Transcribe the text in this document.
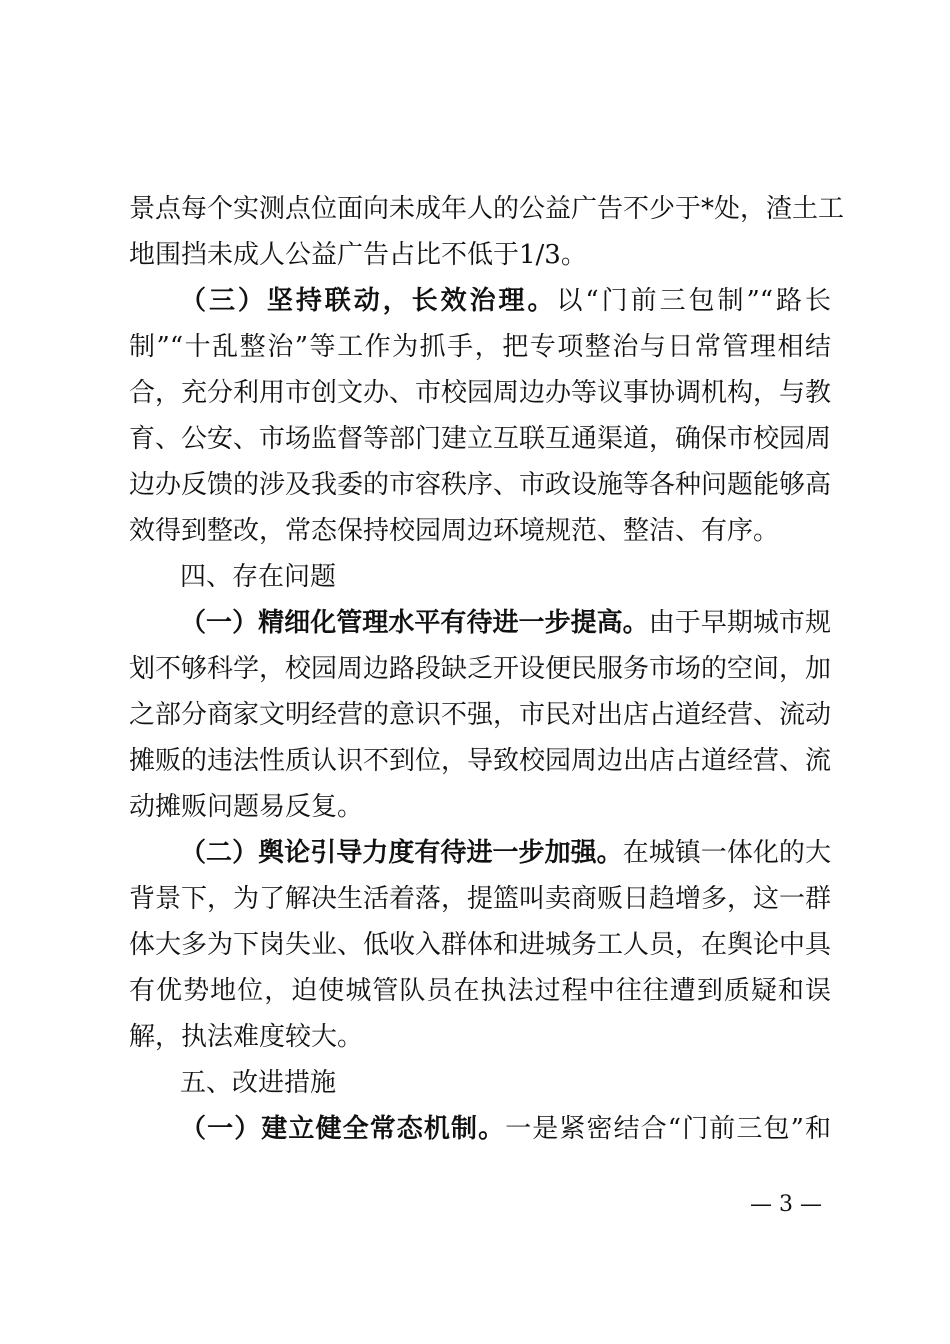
景点每个实测点位面向未成年人的公益广告不少于*处，渣土工
地围挡未成人公益广告占比不低于1/3。
（三）坚持联动，长效治理。以“门前三包制”“路长
制”“十乱整治”等工作为抓手，把专项整治与日常管理相结
合，充分利用市创文办、市校园周边办等议事协调机构，与教
育、公安、市场监督等部门建立互联互通渠道，确保市校园周
边办反馈的涉及我委的市容秩序、市政设施等各种问题能够高
效得到整改，常态保持校园周边环境规范、整洁、有序。
四、存在问题
（一）精细化管理水平有待进一步提高。由于早期城市规
划不够科学，校园周边路段缺乏开设便民服务市场的空间，加
之部分商家文明经营的意识不强，市民对出店占道经营、流动
摊贩的违法性质认识不到位，导致校园周边出店占道经营、流
动摊贩问题易反复。
（二）舆论引导力度有待进一步加强。在城镇一体化的大
背景下，为了解决生活着落，提篮叫卖商贩日趋增多，这一群
体大多为下岗失业、低收入群体和进城务工人员，在舆论中具
有优势地位，迫使城管队员在执法过程中往往遭到质疑和误
解，执法难度较大。
五、改进措施
（一）建立健全常态机制。一是紧密结合“门前三包”和
— 3 —
